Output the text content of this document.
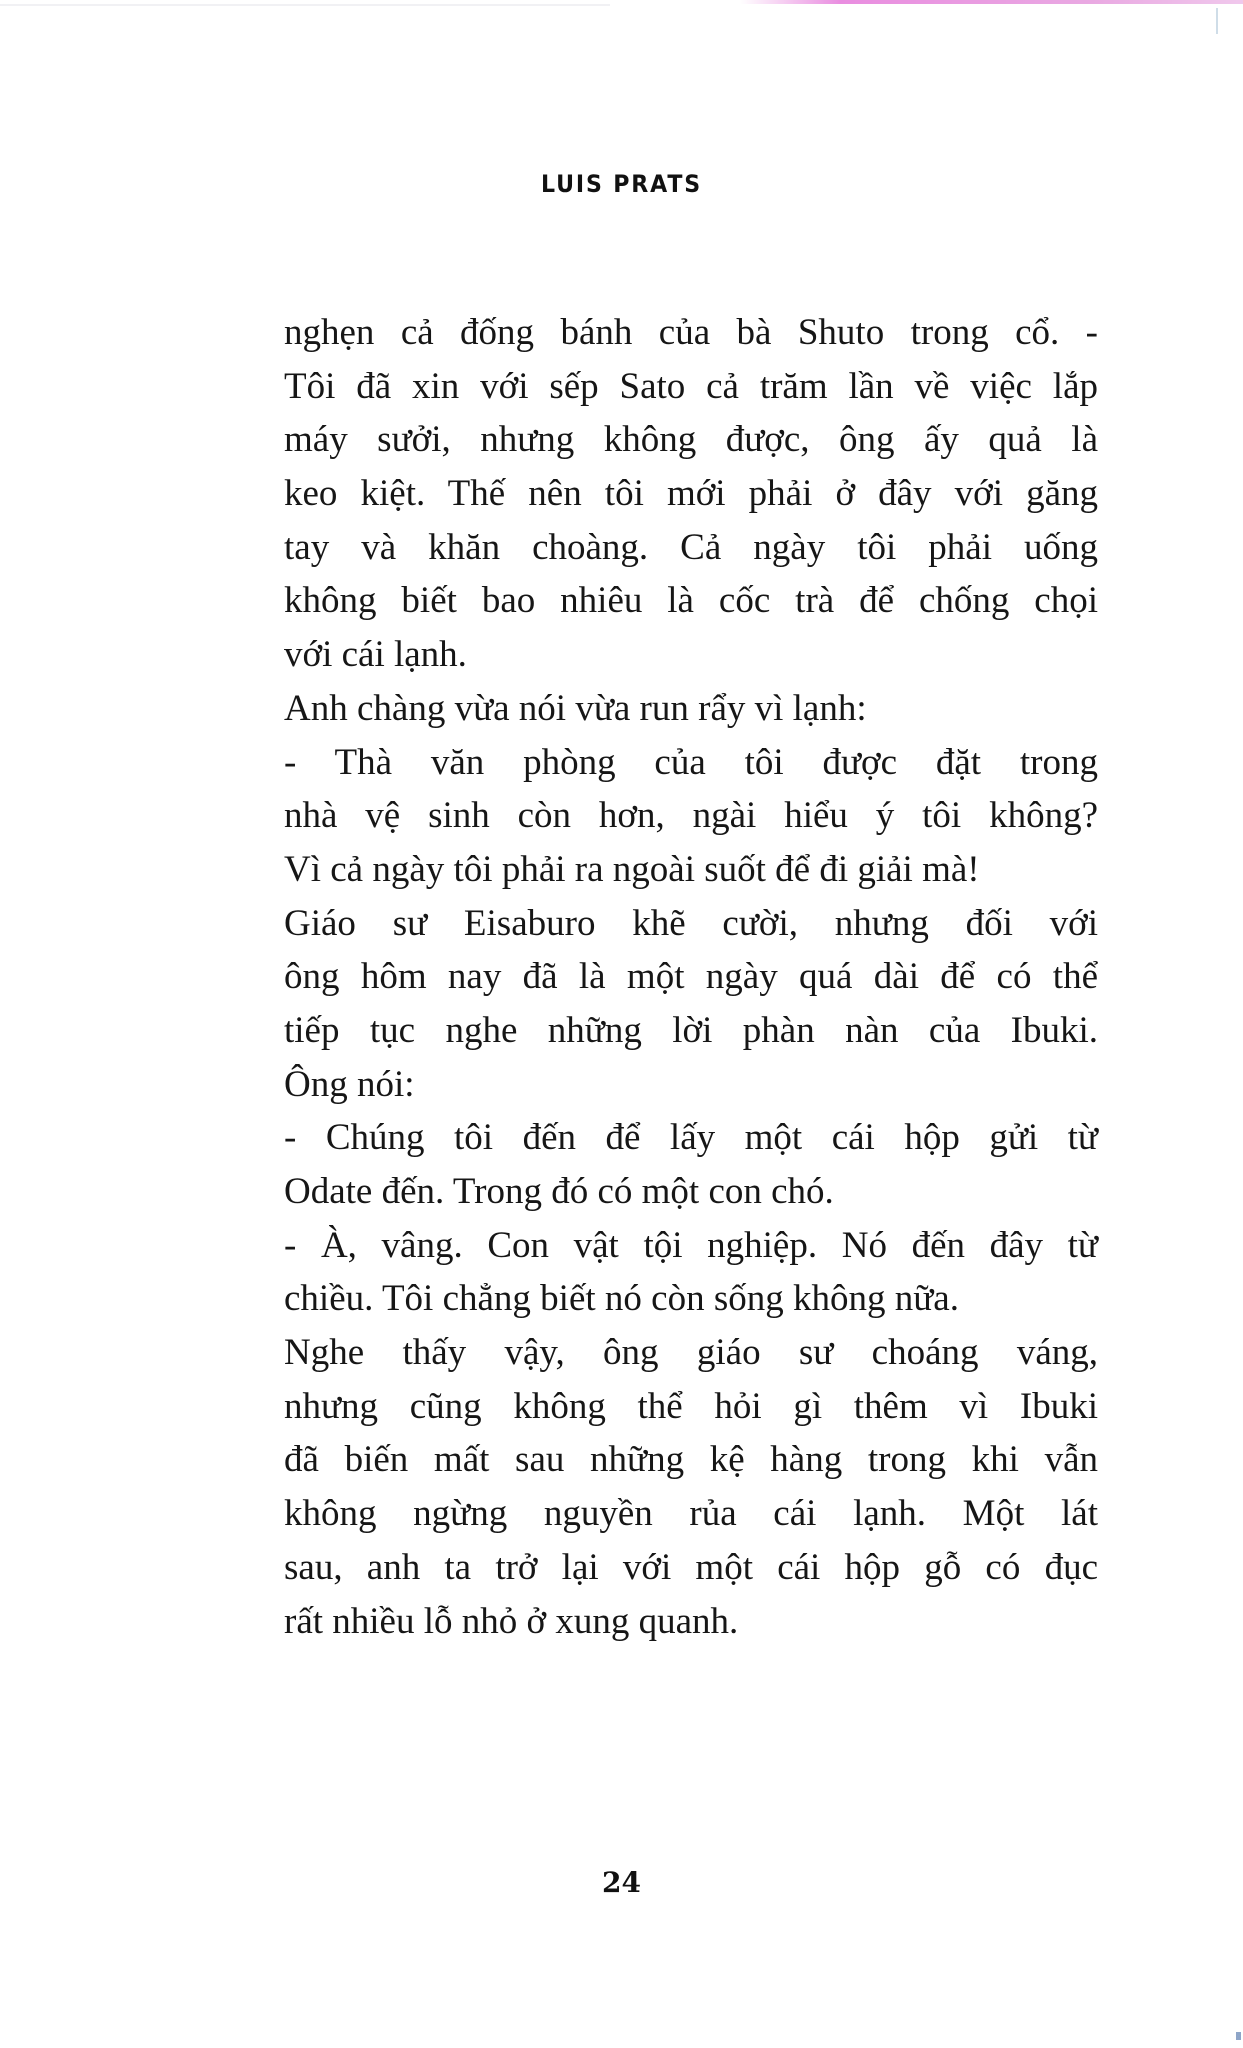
LUIS PRATS
nghẹn cả đống bánh của bà Shuto trong cổ. -
Tôi đã xin với sếp Sato cả trăm lần về việc lắp
máy sưởi, nhưng không được, ông ấy quả là
keo kiệt. Thế nên tôi mới phải ở đây với găng
tay và khăn choàng. Cả ngày tôi phải uống
không biết bao nhiêu là cốc trà để chống chọi
với cái lạnh.
Anh chàng vừa nói vừa run rẩy vì lạnh:
- Thà văn phòng của tôi được đặt trong
nhà vệ sinh còn hơn, ngài hiểu ý tôi không?
Vì cả ngày tôi phải ra ngoài suốt để đi giải mà!
Giáo sư Eisaburo khẽ cười, nhưng đối với
ông hôm nay đã là một ngày quá dài để có thể
tiếp tục nghe những lời phàn nàn của Ibuki.
Ông nói:
- Chúng tôi đến để lấy một cái hộp gửi từ
Odate đến. Trong đó có một con chó.
- À, vâng. Con vật tội nghiệp. Nó đến đây từ
chiều. Tôi chẳng biết nó còn sống không nữa.
Nghe thấy vậy, ông giáo sư choáng váng,
nhưng cũng không thể hỏi gì thêm vì Ibuki
đã biến mất sau những kệ hàng trong khi vẫn
không ngừng nguyền rủa cái lạnh. Một lát
sau, anh ta trở lại với một cái hộp gỗ có đục
rất nhiều lỗ nhỏ ở xung quanh.
24
